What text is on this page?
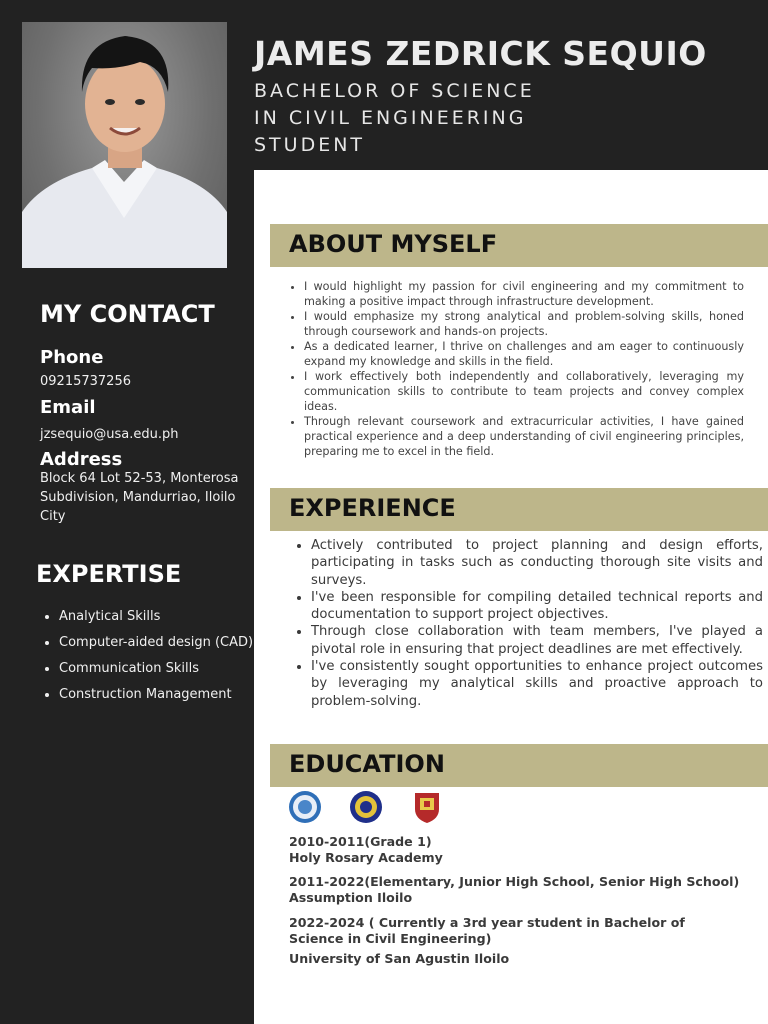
JAMES ZEDRICK SEQUIO
BACHELOR OF SCIENCE
IN CIVIL ENGINEERING
STUDENT
MY CONTACT
Phone
09215737256
Email
jzsequio@usa.edu.ph
Address
Block 64 Lot 52-53, Monterosa Subdivision, Mandurriao, Iloilo City
EXPERTISE
• Analytical Skills
• Computer-aided design (CAD)
• Communication Skills
• Construction Management
ABOUT MYSELF
• I would highlight my passion for civil engineering and my commitment to making a positive impact through infrastructure development.
• I would emphasize my strong analytical and problem-solving skills, honed through coursework and hands-on projects.
• As a dedicated learner, I thrive on challenges and am eager to continuously expand my knowledge and skills in the field.
• I work effectively both independently and collaboratively, leveraging my communication skills to contribute to team projects and convey complex ideas.
• Through relevant coursework and extracurricular activities, I have gained practical experience and a deep understanding of civil engineering principles, preparing me to excel in the field.
EXPERIENCE
• Actively contributed to project planning and design efforts, participating in tasks such as conducting thorough site visits and surveys.
• I've been responsible for compiling detailed technical reports and documentation to support project objectives.
• Through close collaboration with team members, I've played a pivotal role in ensuring that project deadlines are met effectively.
• I've consistently sought opportunities to enhance project outcomes by leveraging my analytical skills and proactive approach to problem-solving.
EDUCATION
2010-2011(Grade 1)
Holy Rosary Academy
2011-2022(Elementary, Junior High School, Senior High School)
Assumption Iloilo
2022-2024 ( Currently a 3rd year student in Bachelor of
Science in Civil Engineering)
University of San Agustin Iloilo
